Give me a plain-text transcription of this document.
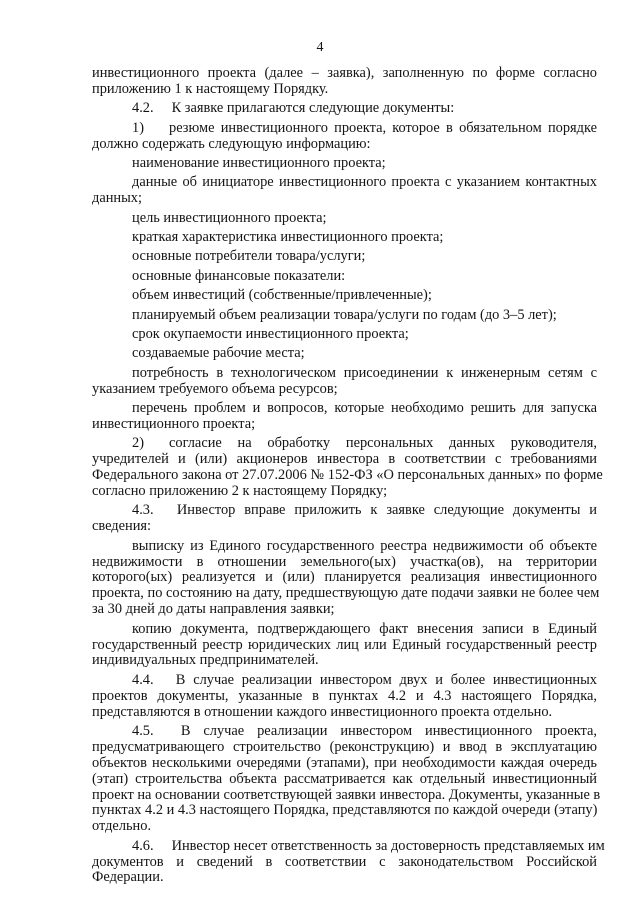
4
инвестиционного проекта (далее – заявка), заполненную по форме согласно
приложению 1 к настоящему Порядку.
4.2.  К заявке прилагаются следующие документы:
1) резюме инвестиционного проекта, которое в обязательном порядке
должно содержать следующую информацию:
наименование инвестиционного проекта;
данные об инициаторе инвестиционного проекта с указанием контактных
данных;
цель инвестиционного проекта;
краткая характеристика инвестиционного проекта;
основные потребители товара/услуги;
основные финансовые показатели:
объем инвестиций (собственные/привлеченные);
планируемый объем реализации товара/услуги по годам (до 3–5 лет);
срок окупаемости инвестиционного проекта;
создаваемые рабочие места;
потребность в технологическом присоединении к инженерным сетям с
указанием требуемого объема ресурсов;
перечень проблем и вопросов, которые необходимо решить для запуска
инвестиционного проекта;
2) согласие на обработку персональных данных руководителя,
учредителей и (или) акционеров инвестора в соответствии с требованиями
Федерального закона от 27.07.2006 № 152-ФЗ «О персональных данных» по форме
согласно приложению 2 к настоящему Порядку;
4.3.  Инвестор вправе приложить к заявке следующие документы и
сведения:
выписку из Единого государственного реестра недвижимости об объекте
недвижимости в отношении земельного(ых) участка(ов), на территории
которого(ых) реализуется и (или) планируется реализация инвестиционного
проекта, по состоянию на дату, предшествующую дате подачи заявки не более чем
за 30 дней до даты направления заявки;
копию документа, подтверждающего факт внесения записи в Единый
государственный реестр юридических лиц или Единый государственный реестр
индивидуальных предпринимателей.
4.4.  В случае реализации инвестором двух и более инвестиционных
проектов документы, указанные в пунктах 4.2 и 4.3 настоящего Порядка,
представляются в отношении каждого инвестиционного проекта отдельно.
4.5.  В случае реализации инвестором инвестиционного проекта,
предусматривающего строительство (реконструкцию) и ввод в эксплуатацию
объектов несколькими очередями (этапами), при необходимости каждая очередь
(этап) строительства объекта рассматривается как отдельный инвестиционный
проект на основании соответствующей заявки инвестора. Документы, указанные в
пунктах 4.2 и 4.3 настоящего Порядка, представляются по каждой очереди (этапу)
отдельно.
4.6.  Инвестор несет ответственность за достоверность представляемых им
документов и сведений в соответствии с законодательством Российской
Федерации.
